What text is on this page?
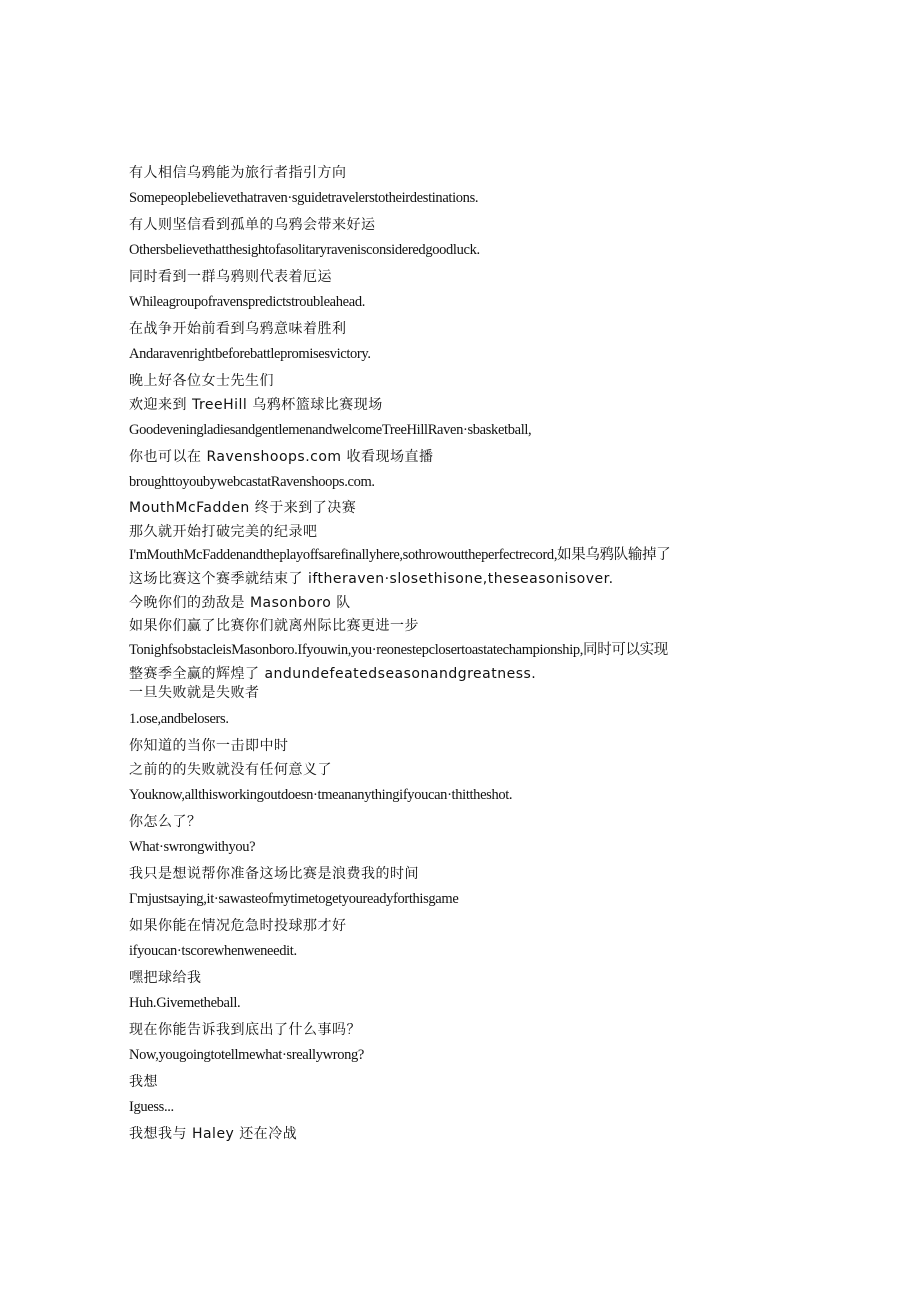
有人相信乌鸦能为旅行者指引方向
Somepeoplebelievethatraven·sguidetravelerstotheirdestinations.
有人则坚信看到孤单的乌鸦会带来好运
Othersbelievethatthesightofasolitaryravenisconsideredgoodluck.
同时看到一群乌鸦则代表着厄运
Whileagroupofravenspredictstroubleahead.
在战争开始前看到乌鸦意味着胜利
Andaravenrightbeforebattlepromisesvictory.
晚上好各位女士先生们
欢迎来到 TreeHill 乌鸦杯篮球比赛现场
GoodeveningladiesandgentlemenandwelcomeTreeHillRaven·sbasketball,
你也可以在 Ravenshoops.com 收看现场直播
broughttoyoubywebcastatRavenshoops.com.
MouthMcFadden 终于来到了决赛
那久就开始打破完美的纪录吧
I'mMouthMcFaddenandtheplayoffsarefinallyhere,sothrowouttheperfectrecord,如果乌鸦队输掉了
这场比赛这个赛季就结束了 iftheraven·slosethisone,theseasonisover.
今晚你们的劲敌是 Masonboro 队
如果你们赢了比赛你们就离州际比赛更进一步
TonighfsobstacleisMasonboro.Ifyouwin,you·reonestepclosertoastatechampionship,同时可以实现
整赛季全赢的辉煌了 andundefeatedseasonandgreatness.
一旦失败就是失败者
1.ose,andbelosers.
你知道的当你一击即中时
之前的的失败就没有任何意义了
Youknow,allthisworkingoutdoesn·tmeananythingifyoucan·thittheshot.
你怎么了？
What·swrongwithyou?
我只是想说帮你准备这场比赛是浪费我的时间
Γmjustsaying,it·sawasteofmytimetogetyoureadyforthisgame
如果你能在情况危急时投球那才好
ifyoucan·tscorewhenweneedit.
嘿把球给我
Huh.Givemetheball.
现在你能告诉我到底出了什么事吗？
Now,yougoingtotellmewhat·sreallywrong?
我想
Iguess...
我想我与 Haley 还在冷战
